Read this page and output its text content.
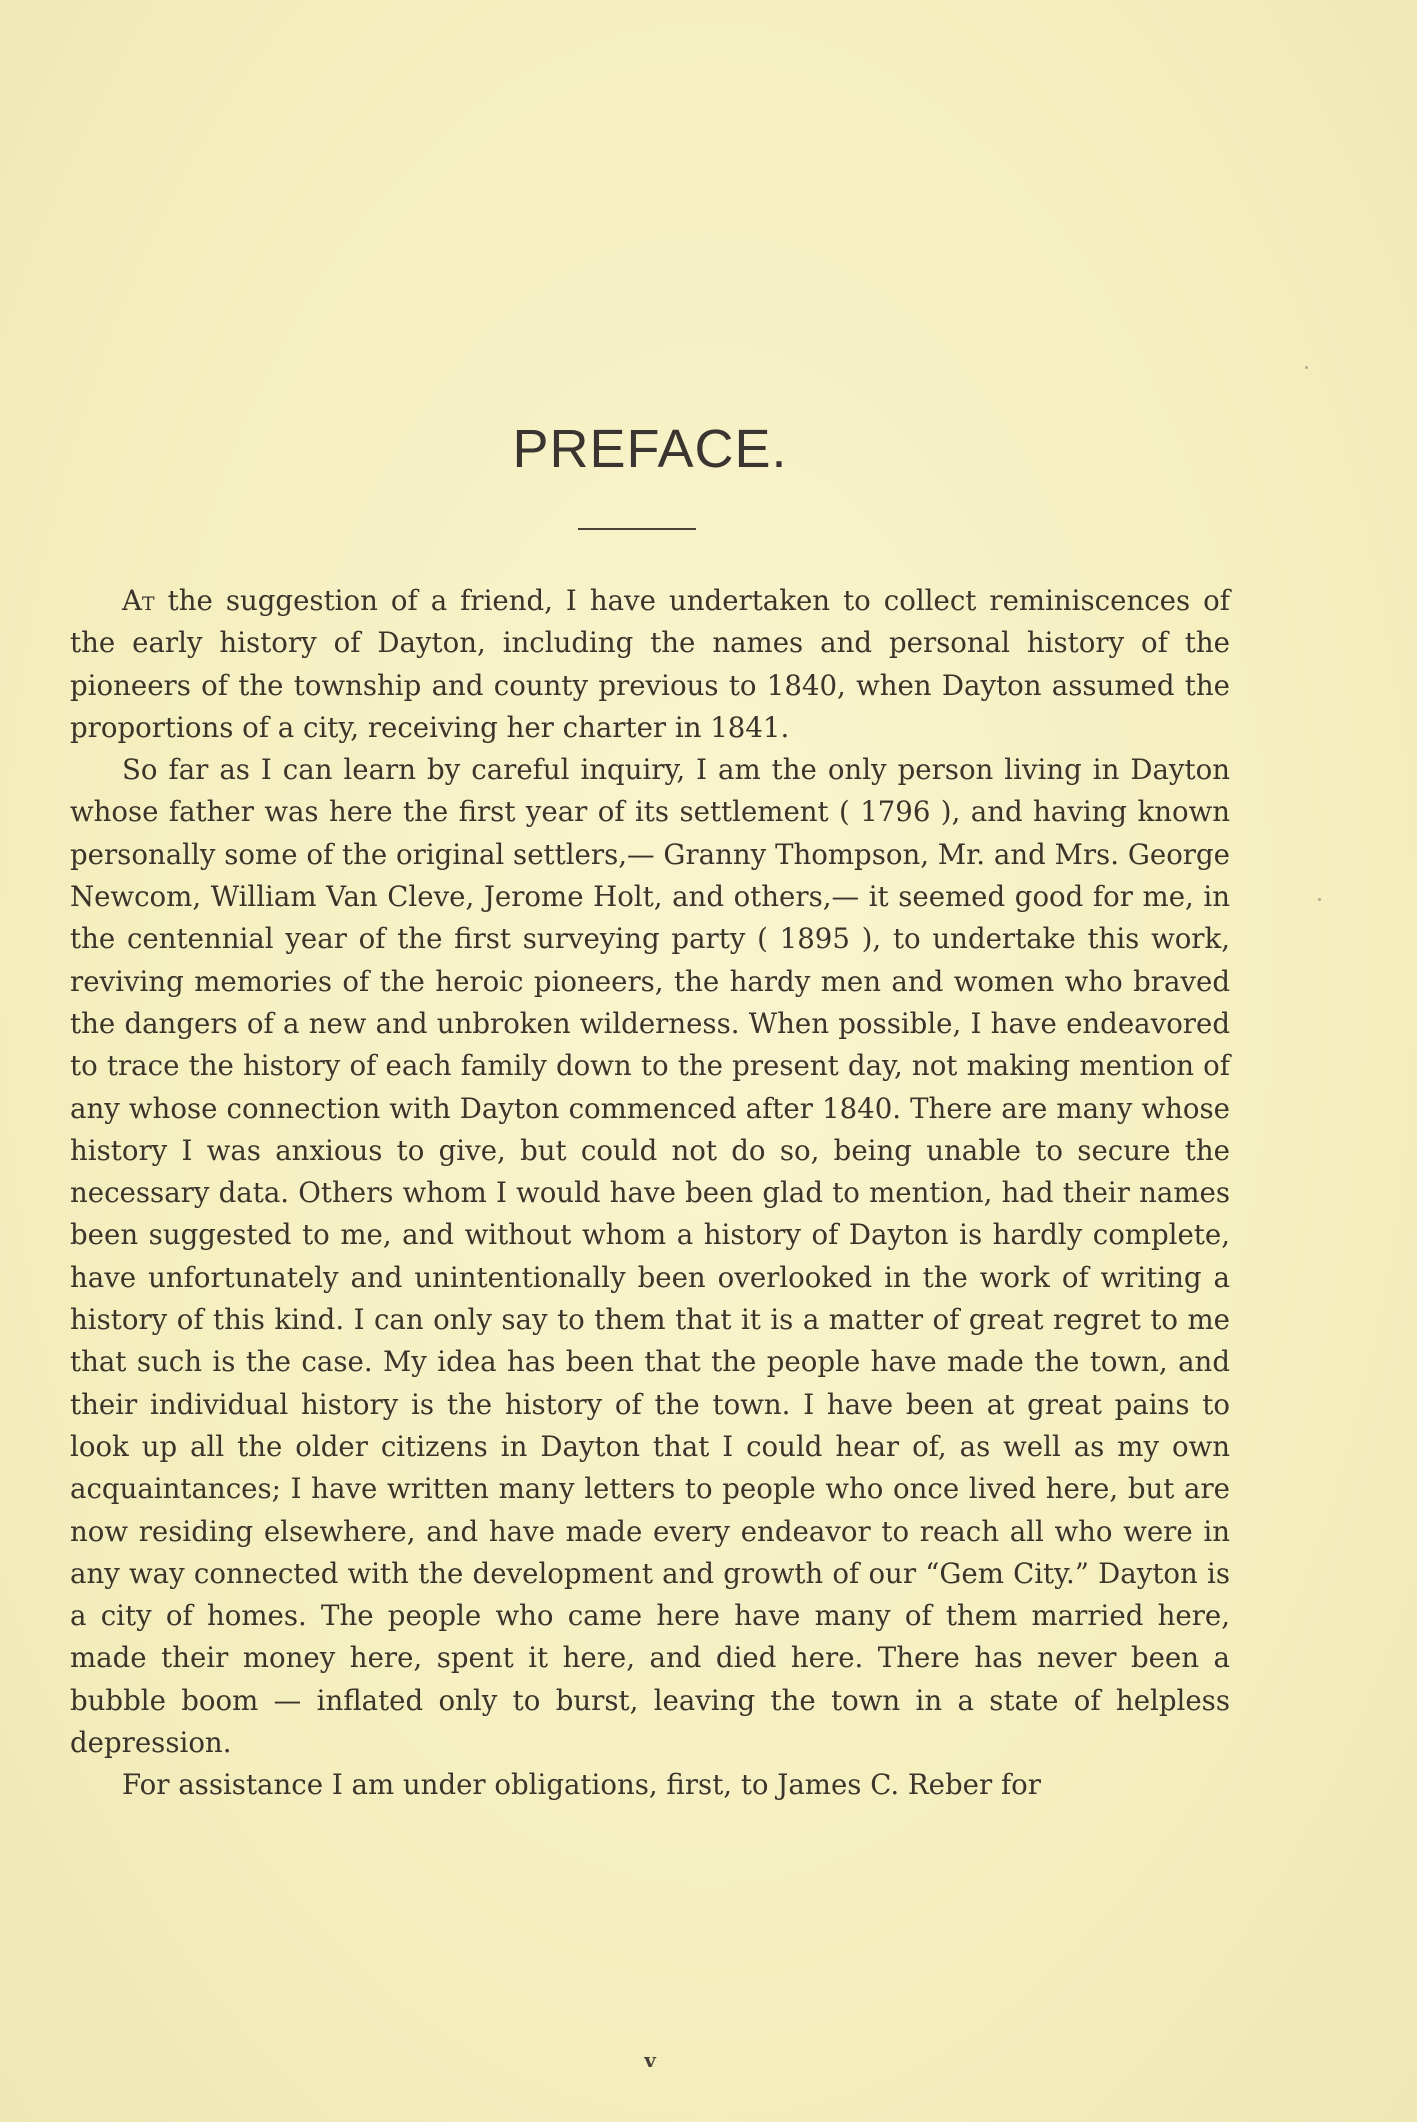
PREFACE.

At the suggestion of a friend, I have undertaken to collect reminiscences of the early history of Dayton, including the names and personal history of the pioneers of the township and county previous to 1840, when Dayton assumed the proportions of a city, receiving her charter in 1841.

So far as I can learn by careful inquiry, I am the only person living in Dayton whose father was here the first year of its settlement ( 1796 ), and having known personally some of the original settlers,— Granny Thompson, Mr. and Mrs. George Newcom, William Van Cleve, Jerome Holt, and others,— it seemed good for me, in the centennial year of the first surveying party ( 1895 ), to undertake this work, reviving memories of the heroic pioneers, the hardy men and women who braved the dangers of a new and unbroken wilderness. When possible, I have endeavored to trace the history of each family down to the present day, not making mention of any whose connection with Dayton commenced after 1840. There are many whose history I was anxious to give, but could not do so, being unable to secure the necessary data. Others whom I would have been glad to mention, had their names been suggested to me, and without whom a history of Dayton is hardly complete, have unfortunately and unintentionally been overlooked in the work of writing a history of this kind. I can only say to them that it is a matter of great regret to me that such is the case. My idea has been that the people have made the town, and their individual history is the history of the town. I have been at great pains to look up all the older citizens in Dayton that I could hear of, as well as my own acquaintances; I have written many letters to people who once lived here, but are now residing elsewhere, and have made every endeavor to reach all who were in any way connected with the development and growth of our “Gem City.” Dayton is a city of homes. The people who came here have many of them married here, made their money here, spent it here, and died here. There has never been a bubble boom — inflated only to burst, leaving the town in a state of helpless depression.

For assistance I am under obligations, first, to James C. Reber for

v
